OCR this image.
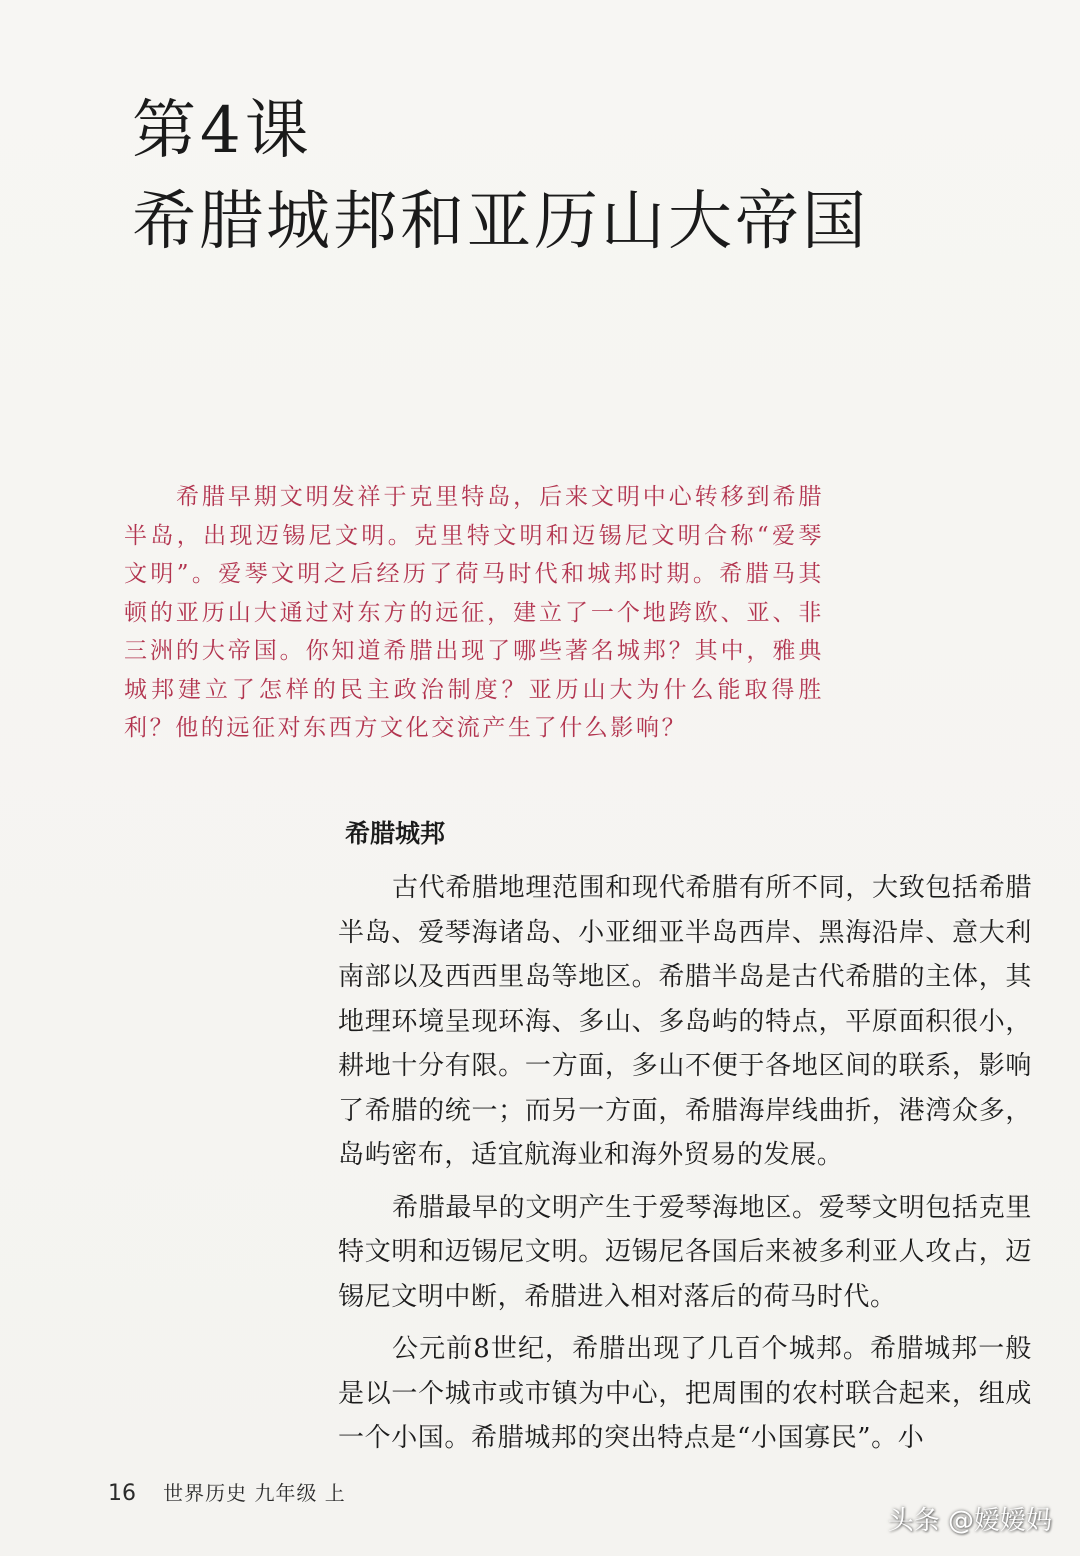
第4课
希腊城邦和亚历山大帝国

希腊早期文明发祥于克里特岛，后来文明中心转移到希腊半岛，出现迈锡尼文明。克里特文明和迈锡尼文明合称“爱琴文明”。爱琴文明之后经历了荷马时代和城邦时期。希腊马其顿的亚历山大通过对东方的远征，建立了一个地跨欧、亚、非三洲的大帝国。你知道希腊出现了哪些著名城邦？其中，雅典城邦建立了怎样的民主政治制度？亚历山大为什么能取得胜利？他的远征对东西方文化交流产生了什么影响？

希腊城邦

古代希腊地理范围和现代希腊有所不同，大致包括希腊半岛、爱琴海诸岛、小亚细亚半岛西岸、黑海沿岸、意大利南部以及西西里岛等地区。希腊半岛是古代希腊的主体，其地理环境呈现环海、多山、多岛屿的特点，平原面积很小，耕地十分有限。一方面，多山不便于各地区间的联系，影响了希腊的统一；而另一方面，希腊海岸线曲折，港湾众多，岛屿密布，适宜航海业和海外贸易的发展。

希腊最早的文明产生于爱琴海地区。爱琴文明包括克里特文明和迈锡尼文明。迈锡尼各国后来被多利亚人攻占，迈锡尼文明中断，希腊进入相对落后的荷马时代。

公元前8世纪，希腊出现了几百个城邦。希腊城邦一般是以一个城市或市镇为中心，把周围的农村联合起来，组成一个小国。希腊城邦的突出特点是“小国寡民”。小

16 世界历史 九年级 上
头条 @嫒嫒妈
